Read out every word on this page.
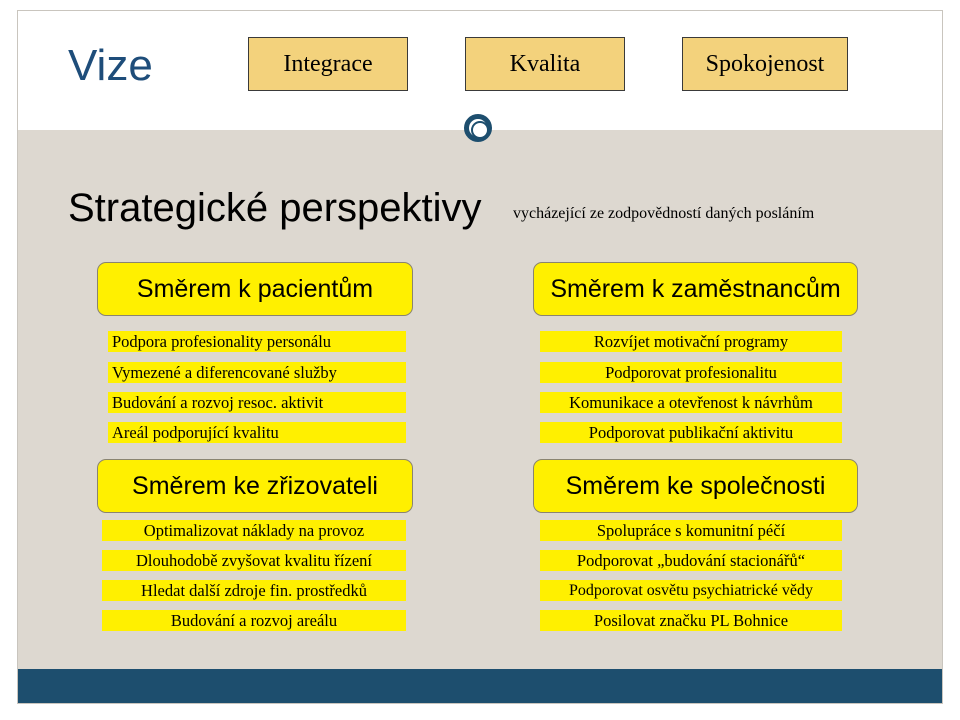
Vize	Integrace	Kvalita	Spokojenost
Strategické perspektivy vycházející ze zodpovědností daných posláním
Směrem k pacientům
Podpora profesionality personálu
Vymezené a diferencované služby
Budování a rozvoj resoc. aktivit
Areál podporující kvalitu
Směrem k zaměstnancům
Rozvíjet motivační programy
Podporovat profesionalitu
Komunikace a otevřenost k návrhům
Podporovat publikační aktivitu
Směrem ke zřizovateli
Optimalizovat náklady na provoz
Dlouhodobě zvyšovat kvalitu řízení
Hledat další zdroje fin. prostředků
Budování a rozvoj areálu
Směrem ke společnosti
Spolupráce s komunitní péčí
Podporovat „budování stacionářů“
Podporovat osvětu psychiatrické vědy
Posilovat značku PL Bohnice
